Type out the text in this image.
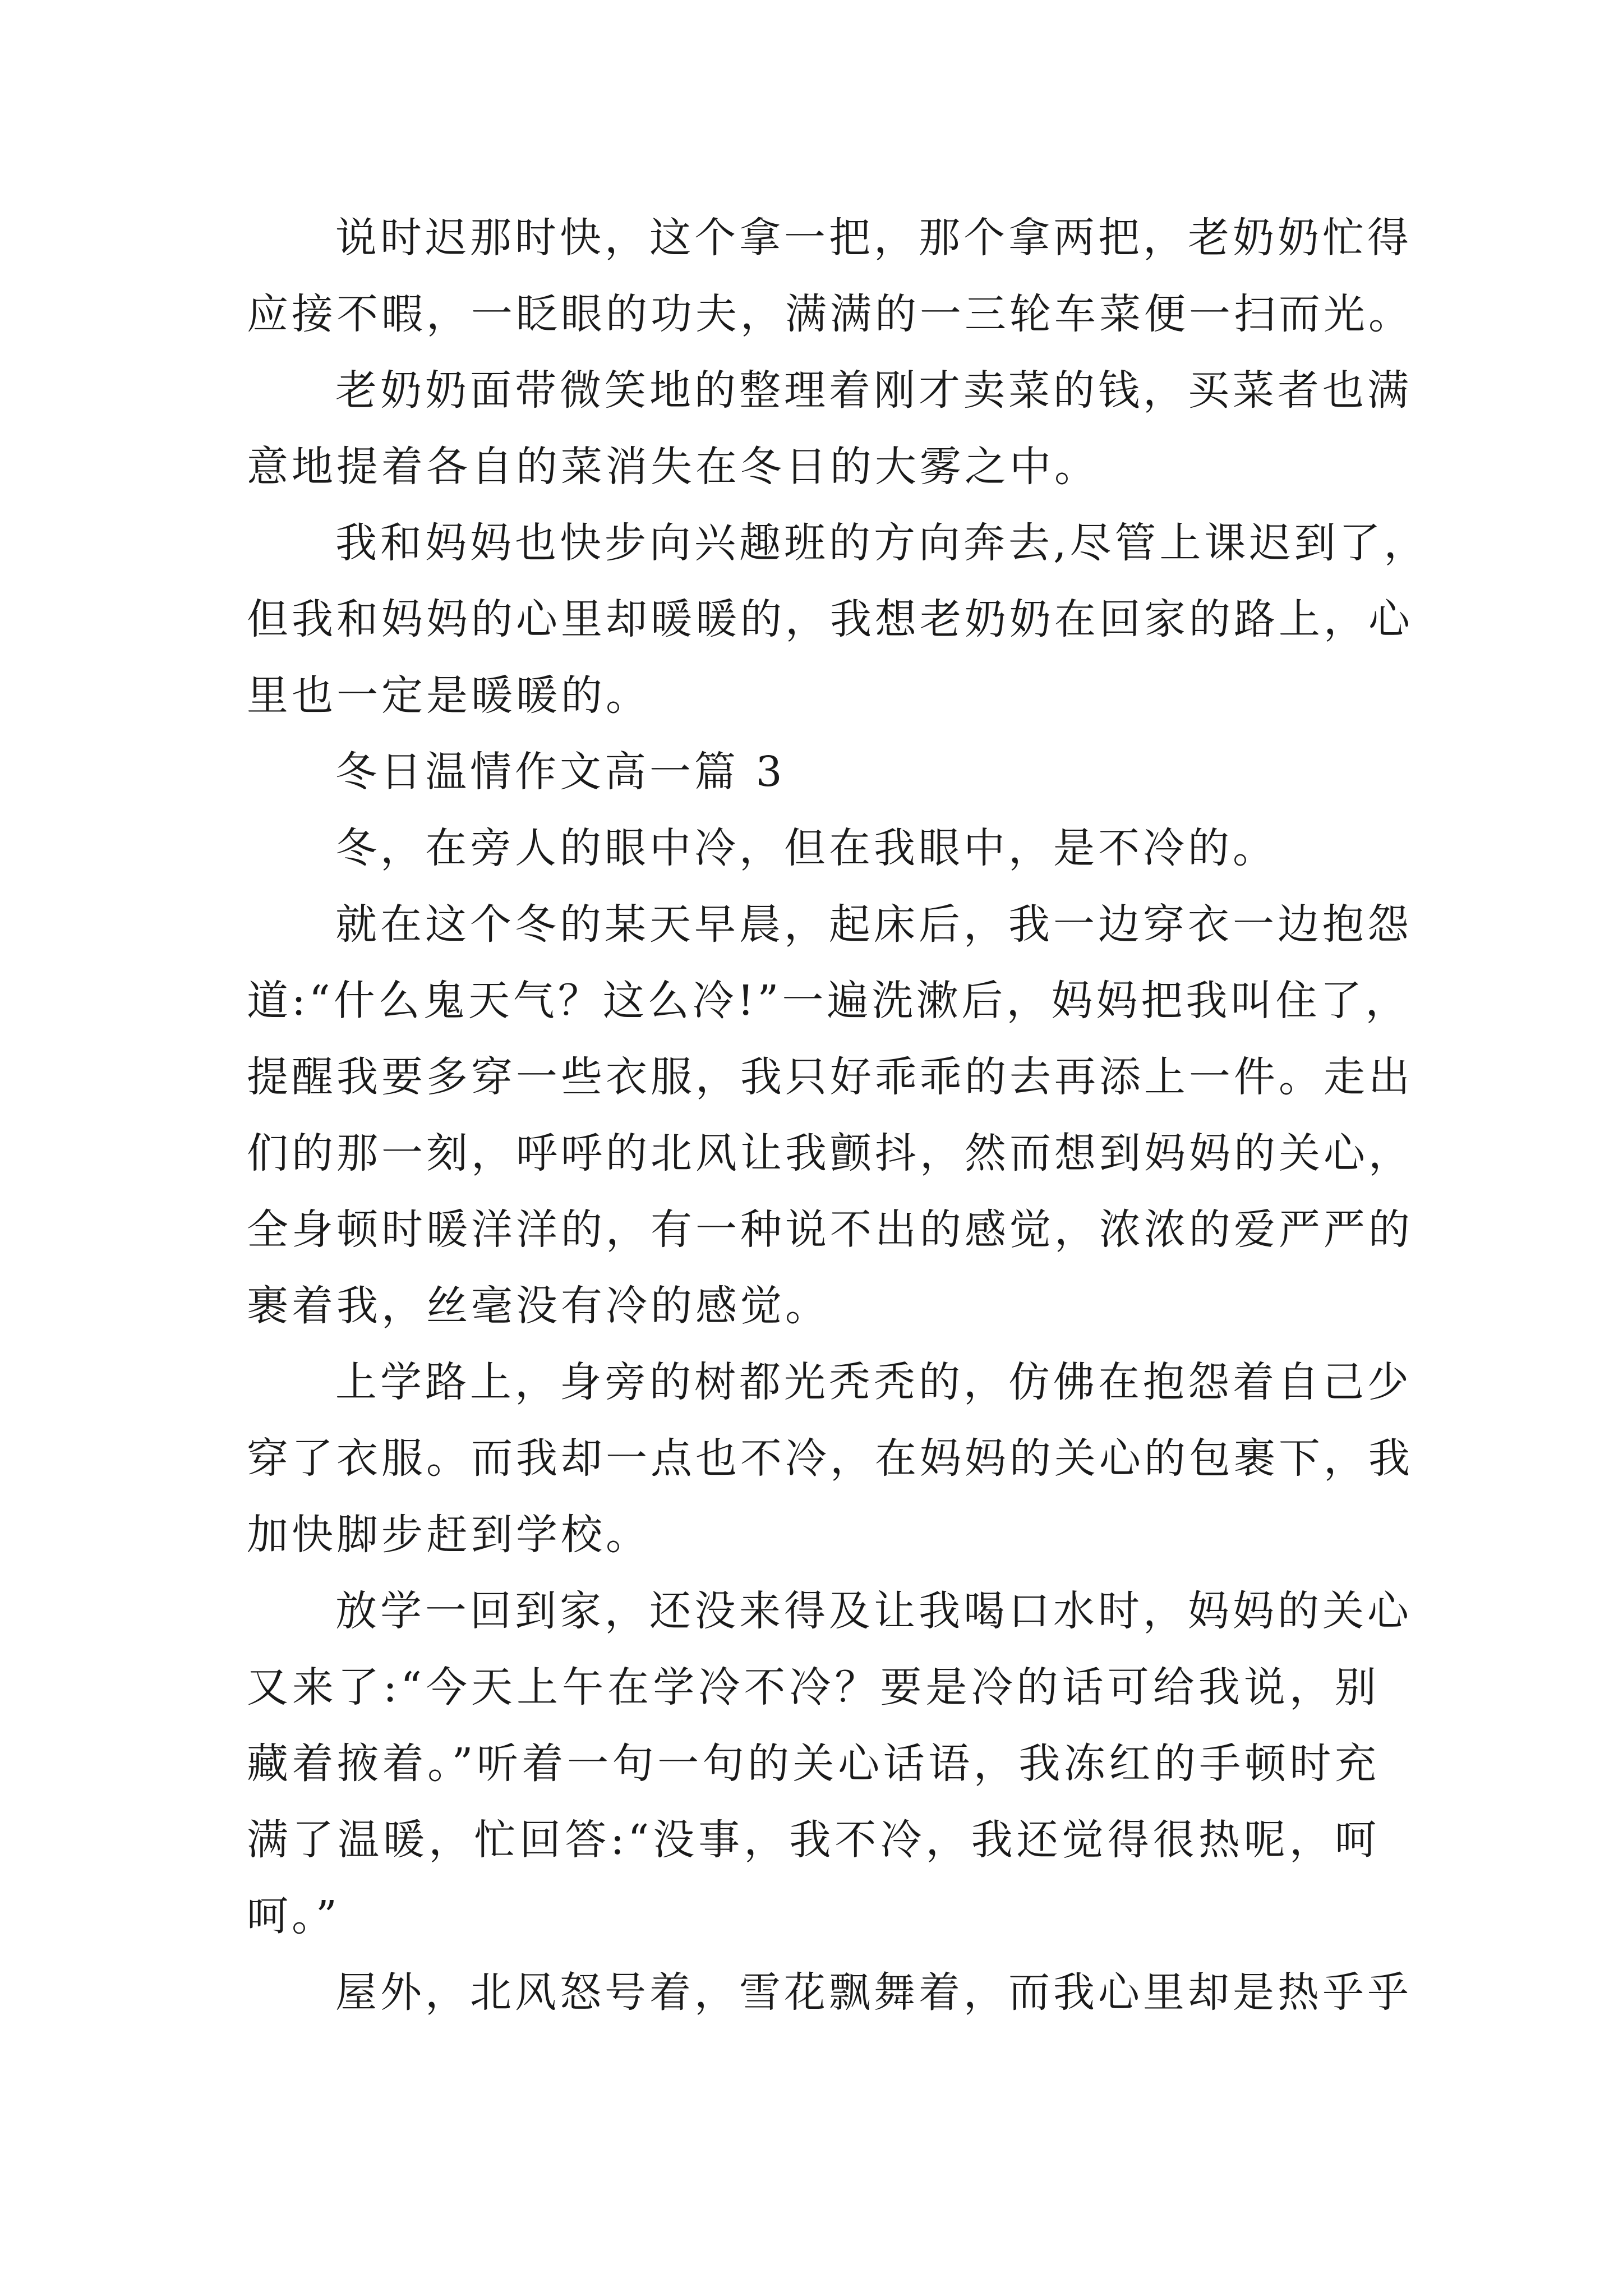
说时迟那时快，这个拿一把，那个拿两把，老奶奶忙得
应接不暇，一眨眼的功夫，满满的一三轮车菜便一扫而光。
老奶奶面带微笑地的整理着刚才卖菜的钱，买菜者也满
意地提着各自的菜消失在冬日的大雾之中。
我和妈妈也快步向兴趣班的方向奔去,尽管上课迟到了，
但我和妈妈的心里却暖暖的，我想老奶奶在回家的路上，心
里也一定是暖暖的。
冬日温情作文高一篇 3
冬，在旁人的眼中冷，但在我眼中，是不冷的。
就在这个冬的某天早晨，起床后，我一边穿衣一边抱怨
道:“什么鬼天气？这么冷!”一遍洗漱后，妈妈把我叫住了，
提醒我要多穿一些衣服，我只好乖乖的去再添上一件。走出
们的那一刻，呼呼的北风让我颤抖，然而想到妈妈的关心，
全身顿时暖洋洋的，有一种说不出的感觉，浓浓的爱严严的
裹着我，丝毫没有冷的感觉。
上学路上，身旁的树都光秃秃的，仿佛在抱怨着自己少
穿了衣服。而我却一点也不冷，在妈妈的关心的包裹下，我
加快脚步赶到学校。
放学一回到家，还没来得及让我喝口水时，妈妈的关心
又来了:“今天上午在学冷不冷？要是冷的话可给我说，别
藏着掖着。”听着一句一句的关心话语，我冻红的手顿时充
满了温暖，忙回答:“没事，我不冷，我还觉得很热呢，呵
呵。”
屋外，北风怒号着，雪花飘舞着，而我心里却是热乎乎
